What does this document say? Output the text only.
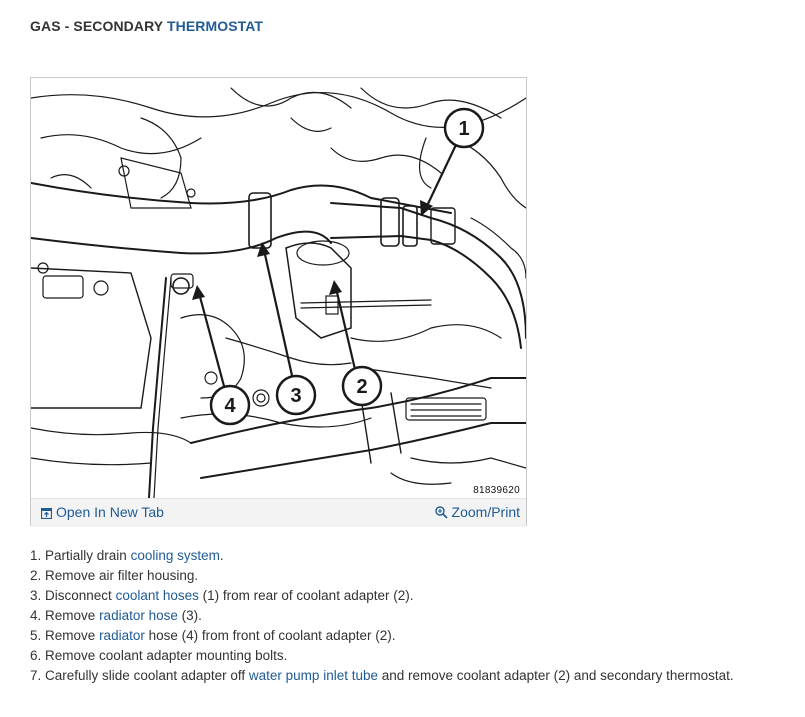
GAS - SECONDARY THERMOSTAT
1
2
3
4
81839620
Open In New Tab	Zoom/Print
1. Partially drain cooling system.
2. Remove air filter housing.
3. Disconnect coolant hoses (1) from rear of coolant adapter (2).
4. Remove radiator hose (3).
5. Remove radiator hose (4) from front of coolant adapter (2).
6. Remove coolant adapter mounting bolts.
7. Carefully slide coolant adapter off water pump inlet tube and remove coolant adapter (2) and secondary thermostat.
